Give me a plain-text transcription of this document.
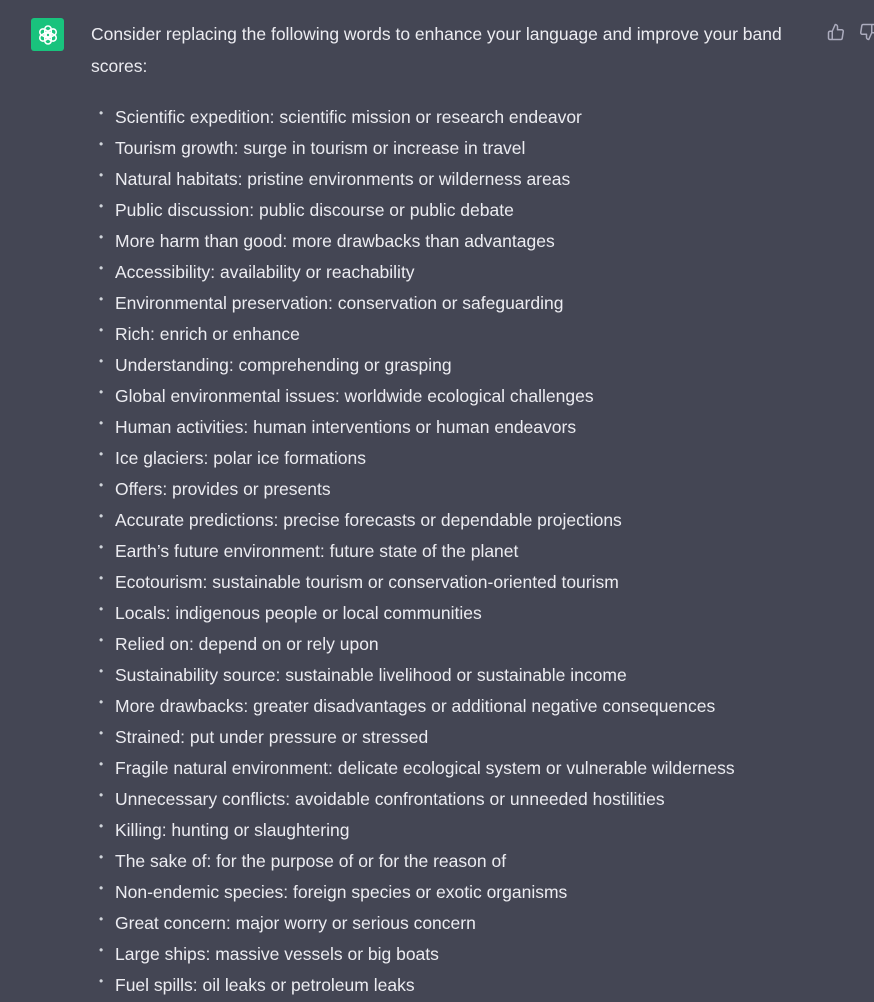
Consider replacing the following words to enhance your language and improve your band scores:

• Scientific expedition: scientific mission or research endeavor
• Tourism growth: surge in tourism or increase in travel
• Natural habitats: pristine environments or wilderness areas
• Public discussion: public discourse or public debate
• More harm than good: more drawbacks than advantages
• Accessibility: availability or reachability
• Environmental preservation: conservation or safeguarding
• Rich: enrich or enhance
• Understanding: comprehending or grasping
• Global environmental issues: worldwide ecological challenges
• Human activities: human interventions or human endeavors
• Ice glaciers: polar ice formations
• Offers: provides or presents
• Accurate predictions: precise forecasts or dependable projections
• Earth’s future environment: future state of the planet
• Ecotourism: sustainable tourism or conservation-oriented tourism
• Locals: indigenous people or local communities
• Relied on: depend on or rely upon
• Sustainability source: sustainable livelihood or sustainable income
• More drawbacks: greater disadvantages or additional negative consequences
• Strained: put under pressure or stressed
• Fragile natural environment: delicate ecological system or vulnerable wilderness
• Unnecessary conflicts: avoidable confrontations or unneeded hostilities
• Killing: hunting or slaughtering
• The sake of: for the purpose of or for the reason of
• Non-endemic species: foreign species or exotic organisms
• Great concern: major worry or serious concern
• Large ships: massive vessels or big boats
• Fuel spills: oil leaks or petroleum leaks
